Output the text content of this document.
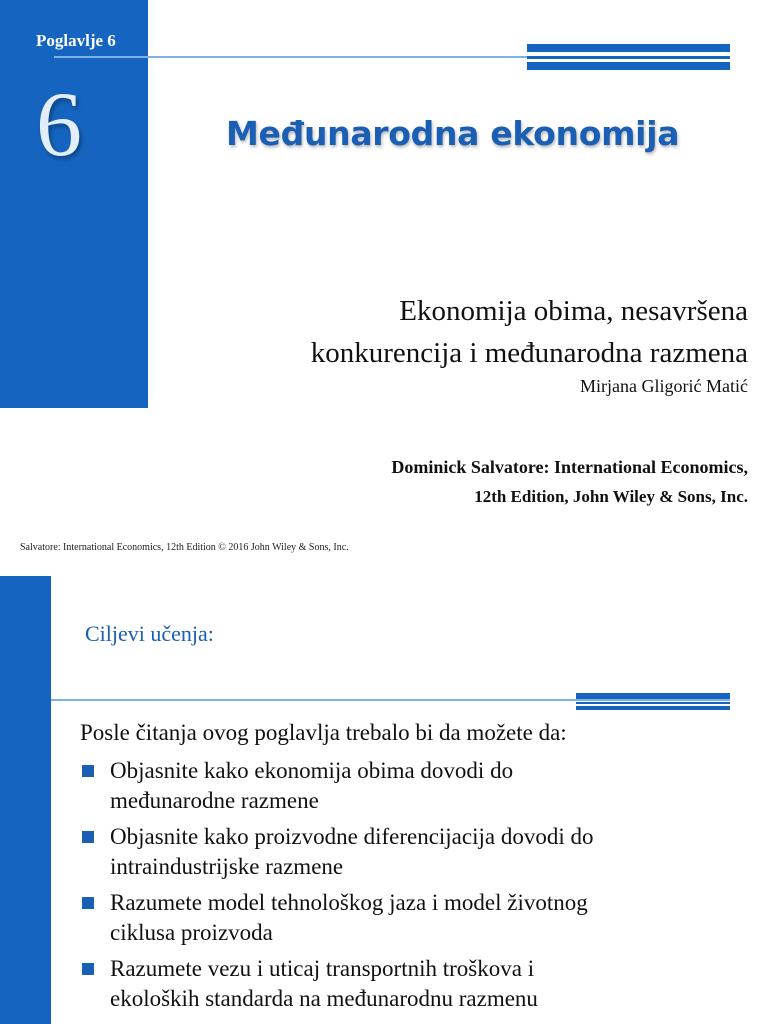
Poglavlje 6
6	Međunarodna ekonomija
Ekonomija obima, nesavršena
konkurencija i međunarodna razmena
Mirjana Gligorić Matić
Dominick Salvatore: International Economics,
12th Edition, John Wiley & Sons, Inc.
Salvatore: International Economics, 12th Edition © 2016 John Wiley & Sons, Inc.
Ciljevi učenja:
Posle čitanja ovog poglavlja trebalo bi da možete da:
Objasnite kako ekonomija obima dovodi do
međunarodne razmene
Objasnite kako proizvodne diferencijacija dovodi do
intraindustrijske razmene
Razumete model tehnološkog jaza i model životnog
ciklusa proizvoda
Razumete vezu i uticaj transportnih troškova i
ekoloških standarda na međunarodnu razmenu
